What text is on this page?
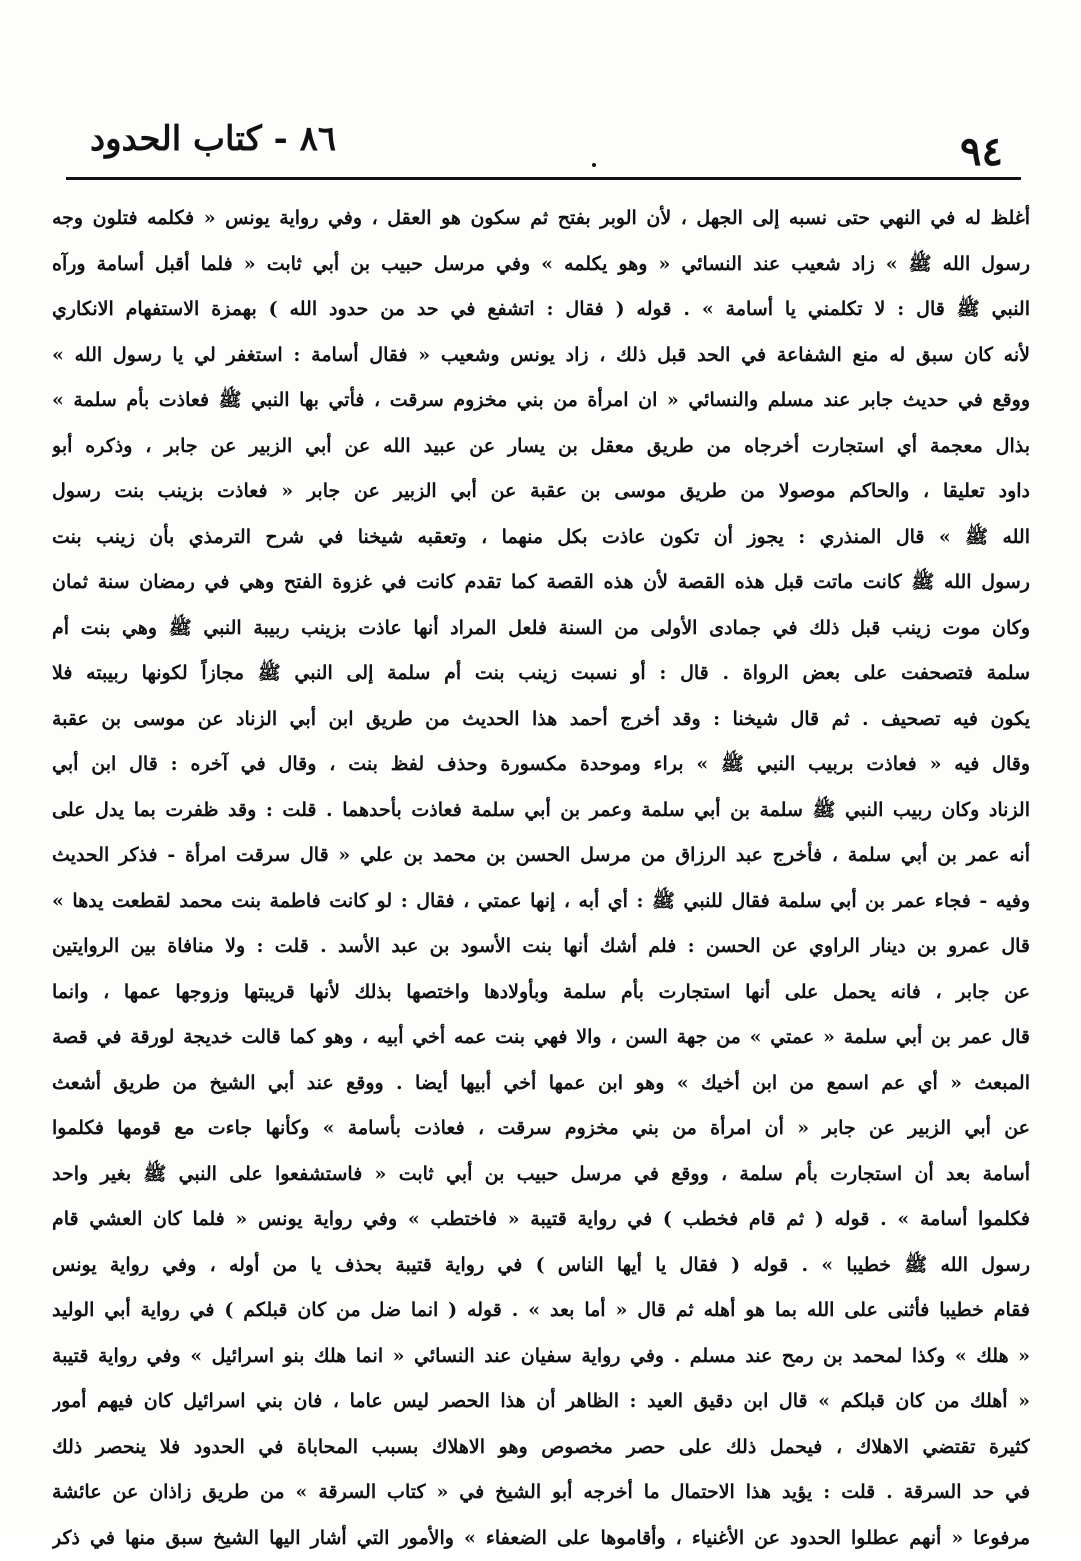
٩٤
٨٦ - كتاب الحدود
أغلظ له في النهي حتى نسبه إلى الجهل ، لأن الوبر بفتح ثم سكون هو العقل ، وفي رواية يونس « فكلمه فتلون وجه
رسول الله ﷺ » زاد شعيب عند النسائي « وهو يكلمه » وفي مرسل حبيب بن أبي ثابت « فلما أقبل أسامة ورآه
النبي ﷺ قال : لا تكلمني يا أسامة » . قوله ( فقال : اتشفع في حد من حدود الله ) بهمزة الاستفهام الانكاري
لأنه كان سبق له منع الشفاعة في الحد قبل ذلك ، زاد يونس وشعيب « فقال أسامة : استغفر لي يا رسول الله »
ووقع في حديث جابر عند مسلم والنسائي « ان امرأة من بني مخزوم سرقت ، فأتي بها النبي ﷺ فعاذت بأم سلمة »
بذال معجمة أي استجارت أخرجاه من طريق معقل بن يسار عن عبيد الله عن أبي الزبير عن جابر ، وذكره أبو
داود تعليقا ، والحاكم موصولا من طريق موسى بن عقبة عن أبي الزبير عن جابر « فعاذت بزينب بنت رسول
الله ﷺ » قال المنذري : يجوز أن تكون عاذت بكل منهما ، وتعقبه شيخنا في شرح الترمذي بأن زينب بنت
رسول الله ﷺ كانت ماتت قبل هذه القصة لأن هذه القصة كما تقدم كانت في غزوة الفتح وهي في رمضان سنة ثمان
وكان موت زينب قبل ذلك في جمادى الأولى من السنة فلعل المراد أنها عاذت بزينب ربيبة النبي ﷺ وهي بنت أم
سلمة فتصحفت على بعض الرواة . قال : أو نسبت زينب بنت أم سلمة إلى النبي ﷺ مجازاً لكونها ربيبته فلا
يكون فيه تصحيف . ثم قال شيخنا : وقد أخرج أحمد هذا الحديث من طريق ابن أبي الزناد عن موسى بن عقبة
وقال فيه « فعاذت بربيب النبي ﷺ » براء وموحدة مكسورة وحذف لفظ بنت ، وقال في آخره : قال ابن أبي
الزناد وكان ربيب النبي ﷺ سلمة بن أبي سلمة وعمر بن أبي سلمة فعاذت بأحدهما . قلت : وقد ظفرت بما يدل على
أنه عمر بن أبي سلمة ، فأخرج عبد الرزاق من مرسل الحسن بن محمد بن علي « قال سرقت امرأة - فذكر الحديث
وفيه - فجاء عمر بن أبي سلمة فقال للنبي ﷺ : أي أبه ، إنها عمتي ، فقال : لو كانت فاطمة بنت محمد لقطعت يدها »
قال عمرو بن دينار الراوي عن الحسن : فلم أشك أنها بنت الأسود بن عبد الأسد . قلت : ولا منافاة بين الروايتين
عن جابر ، فانه يحمل على أنها استجارت بأم سلمة وبأولادها واختصها بذلك لأنها قريبتها وزوجها عمها ، وانما
قال عمر بن أبي سلمة « عمتي » من جهة السن ، والا فهي بنت عمه أخي أبيه ، وهو كما قالت خديجة لورقة في قصة
المبعث « أي عم اسمع من ابن أخيك » وهو ابن عمها أخي أبيها أيضا . ووقع عند أبي الشيخ من طريق أشعث
عن أبي الزبير عن جابر « أن امرأة من بني مخزوم سرقت ، فعاذت بأسامة » وكأنها جاءت مع قومها فكلموا
أسامة بعد أن استجارت بأم سلمة ، ووقع في مرسل حبيب بن أبي ثابت « فاستشفعوا على النبي ﷺ بغير واحد
فكلموا أسامة » . قوله ( ثم قام فخطب ) في رواية قتيبة « فاختطب » وفي رواية يونس « فلما كان العشي قام
رسول الله ﷺ خطيبا » . قوله ( فقال يا أيها الناس ) في رواية قتيبة بحذف يا من أوله ، وفي رواية يونس
فقام خطيبا فأثنى على الله بما هو أهله ثم قال « أما بعد » . قوله ( انما ضل من كان قبلكم ) في رواية أبي الوليد
« هلك » وكذا لمحمد بن رمح عند مسلم . وفي رواية سفيان عند النسائي « انما هلك بنو اسرائيل » وفي رواية قتيبة
« أهلك من كان قبلكم » قال ابن دقيق العيد : الظاهر أن هذا الحصر ليس عاما ، فان بني اسرائيل كان فيهم أمور
كثيرة تقتضي الاهلاك ، فيحمل ذلك على حصر مخصوص وهو الاهلاك بسبب المحاباة في الحدود فلا ينحصر ذلك
في حد السرقة . قلت : يؤيد هذا الاحتمال ما أخرجه أبو الشيخ في « كتاب السرقة » من طريق زاذان عن عائشة
مرفوعا « أنهم عطلوا الحدود عن الأغنياء ، وأقاموها على الضعفاء » والأمور التي أشار اليها الشيخ سبق منها في ذكر
